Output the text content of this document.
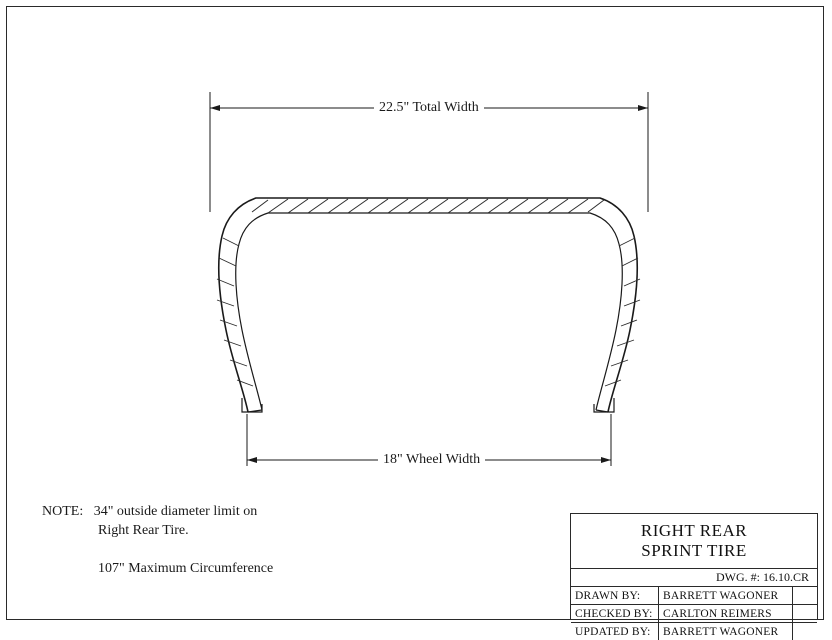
22.5" Total Width
18" Wheel Width
NOTE: 34" outside diameter limit on
Right Rear Tire.
107" Maximum Circumference
RIGHT REAR
SPRINT TIRE
DWG. #: 16.10.CR
DRAWN BY:	BARRETT WAGONER
CHECKED BY: CARLTON REIMERS
UPDATED BY:	BARRETT WAGONER
